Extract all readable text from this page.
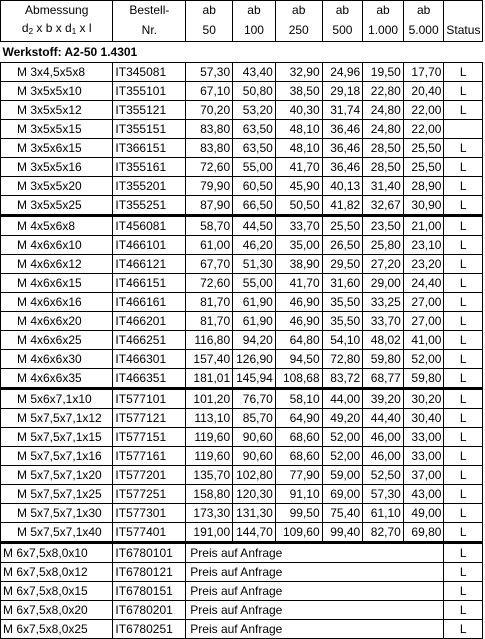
Abmessung	Bestell-	ab	ab	ab	ab	ab	ab	
$d_2$ x b x $d_1$ x l	Nr.	50	100	250	500	1.000	5.000	Status
Werkstoff: A2-50 1.4301								
M 3x4,5x5x8	IT345081	57,30	43,40	32,90	24,96	19,50	17,70	L
M 3x5x5x10	IT355101	67,10	50,80	38,50	29,18	22,80	20,40	L
M 3x5x5x12	IT355121	70,20	53,20	40,30	31,74	24,80	22,00	L
M 3x5x5x15	IT355151	83,80	63,50	48,10	36,46	24,80	22,00	
M 3x5x6x15	IT366151	83,80	63,50	48,10	36,46	28,50	25,50	L
M 3x5x5x16	IT355161	72,60	55,00	41,70	36,46	28,50	25,50	L
M 3x5x5x20	IT355201	79,90	60,50	45,90	40,13	31,40	28,90	L
M 3x5x5x25	IT355251	87,90	66,50	50,50	41,82	32,67	30,90	L
M 4x5x6x8	IT456081	58,70	44,50	33,70	25,50	23,50	21,00	L
M 4x6x6x10	IT466101	61,00	46,20	35,00	26,50	25,80	23,10	L
M 4x6x6x12	IT466121	67,70	51,30	38,90	29,50	27,20	23,20	L
M 4x6x6x15	IT466151	72,60	55,00	41,70	31,60	29,00	24,40	L
M 4x6x6x16	IT466161	81,70	61,90	46,90	35,50	33,25	27,00	L
M 4x6x6x20	IT466201	81,70	61,90	46,90	35,50	33,70	27,00	L
M 4x6x6x25	IT466251	116,80	94,20	64,80	54,10	48,02	41,00	L
M 4x6x6x30	IT466301	157,40	126,90	94,50	72,80	59,80	52,00	L
M 4x6x6x35	IT466351	181,01	145,94	108,68	83,72	68,77	59,80	L
M 5x6x7,1x10	IT577101	101,20	76,70	58,10	44,00	39,20	30,20	L
M 5x7,5x7,1x12	IT577121	113,10	85,70	64,90	49,20	44,40	30,40	L
M 5x7,5x7,1x15	IT577151	119,60	90,60	68,60	52,00	46,00	33,00	L
M 5x7,5x7,1x16	IT577161	119,60	90,60	68,60	52,00	46,00	33,00	L
M 5x7,5x7,1x20	IT577201	135,70	102,80	77,90	59,00	52,50	37,00	L
M 5x7,5x7,1x25	IT577251	158,80	120,30	91,10	69,00	57,30	43,00	L
M 5x7,5x7,1x30	IT577301	173,30	131,30	99,50	75,40	61,10	49,00	L
M 5x7,5x7,1x40	IT577401	191,00	144,70	109,60	99,40	82,70	69,80	L
M 6x7,5x8,0x10	IT6780101	Preis auf Anfrage						L
M 6x7,5x8,0x12	IT6780121	Preis auf Anfrage						L
M 6x7,5x8,0x15	IT6780151	Preis auf Anfrage						L
M 6x7,5x8,0x20	IT6780201	Preis auf Anfrage						L
M 6x7,5x8,0x25	IT6780251	Preis auf Anfrage						L
